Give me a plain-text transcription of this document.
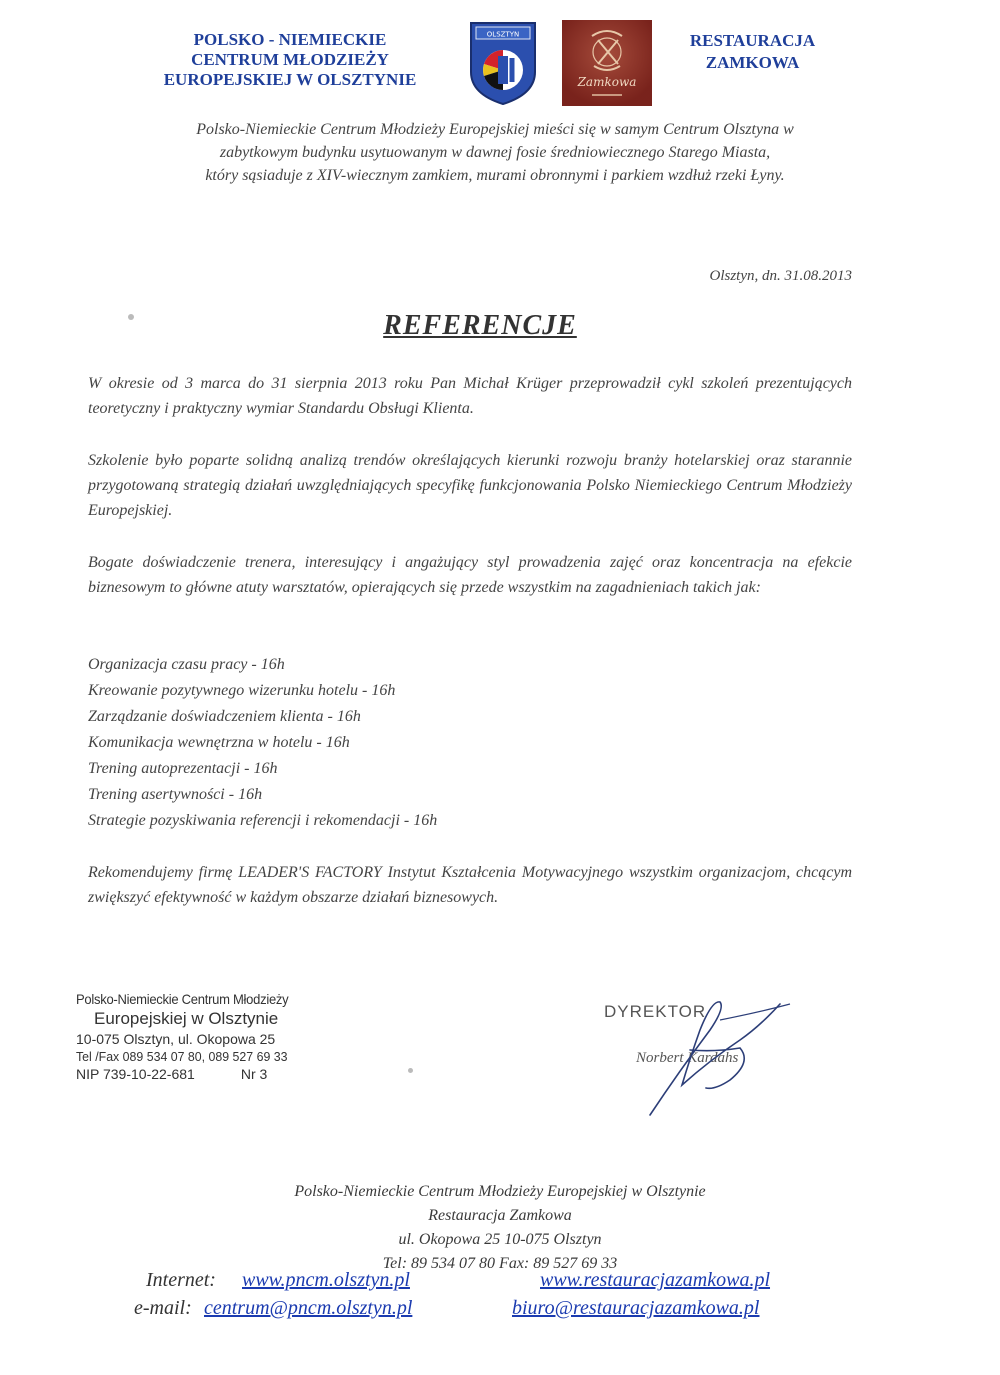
POLSKO - NIEMIECKIE
CENTRUM MŁODZIEŻY
EUROPEJSKIEJ W OLSZTYNIE
OLSZTYN
Zamkowa
RESTAURACJA
ZAMKOWA
Polsko-Niemieckie Centrum Młodzieży Europejskiej mieści się w samym Centrum Olsztyna w
zabytkowym budynku usytuowanym w dawnej fosie średniowiecznego Starego Miasta,
który sąsiaduje z XIV-wiecznym zamkiem, murami obronnymi i parkiem wzdłuż rzeki Łyny.
Olsztyn, dn. 31.08.2013
REFERENCJE
W okresie od 3 marca do 31 sierpnia 2013 roku Pan Michał Krüger przeprowadził cykl szkoleń prezentujących teoretyczny i praktyczny wymiar Standardu Obsługi Klienta.
Szkolenie było poparte solidną analizą trendów określających kierunki rozwoju branży hotelarskiej oraz starannie przygotowaną strategią działań uwzględniających specyfikę funkcjonowania Polsko Niemieckiego Centrum Młodzieży Europejskiej.
Bogate doświadczenie trenera, interesujący i angażujący styl prowadzenia zajęć oraz koncentracja na efekcie biznesowym to główne atuty warsztatów, opierających się przede wszystkim na zagadnieniach takich jak:
Organizacja czasu pracy - 16h
Kreowanie pozytywnego wizerunku hotelu - 16h
Zarządzanie doświadczeniem klienta - 16h
Komunikacja wewnętrzna w hotelu - 16h
Trening autoprezentacji - 16h
Trening asertywności - 16h
Strategie pozyskiwania referencji i rekomendacji - 16h
Rekomendujemy firmę LEADER'S FACTORY Instytut Kształcenia Motywacyjnego wszystkim organizacjom, chcącym zwiększyć efektywność w każdym obszarze działań biznesowych.
Polsko-Niemieckie Centrum Młodzieży
Europejskiej w Olsztynie
10-075 Olsztyn, ul. Okopowa 25
Tel /Fax 089 534 07 80, 089 527 69 33
NIP 739-10-22-681	Nr 3
DYREKTOR
Norbert Kardahs
Polsko-Niemieckie Centrum Młodzieży Europejskiej w Olsztynie
Restauracja Zamkowa
ul. Okopowa 25 10-075 Olsztyn
Tel: 89 534 07 80 Fax: 89 527 69 33
Internet: www.pncm.olsztyn.pl	www.restauracjazamkowa.pl
e-mail: centrum@pncm.olsztyn.pl	biuro@restauracjazamkowa.pl
